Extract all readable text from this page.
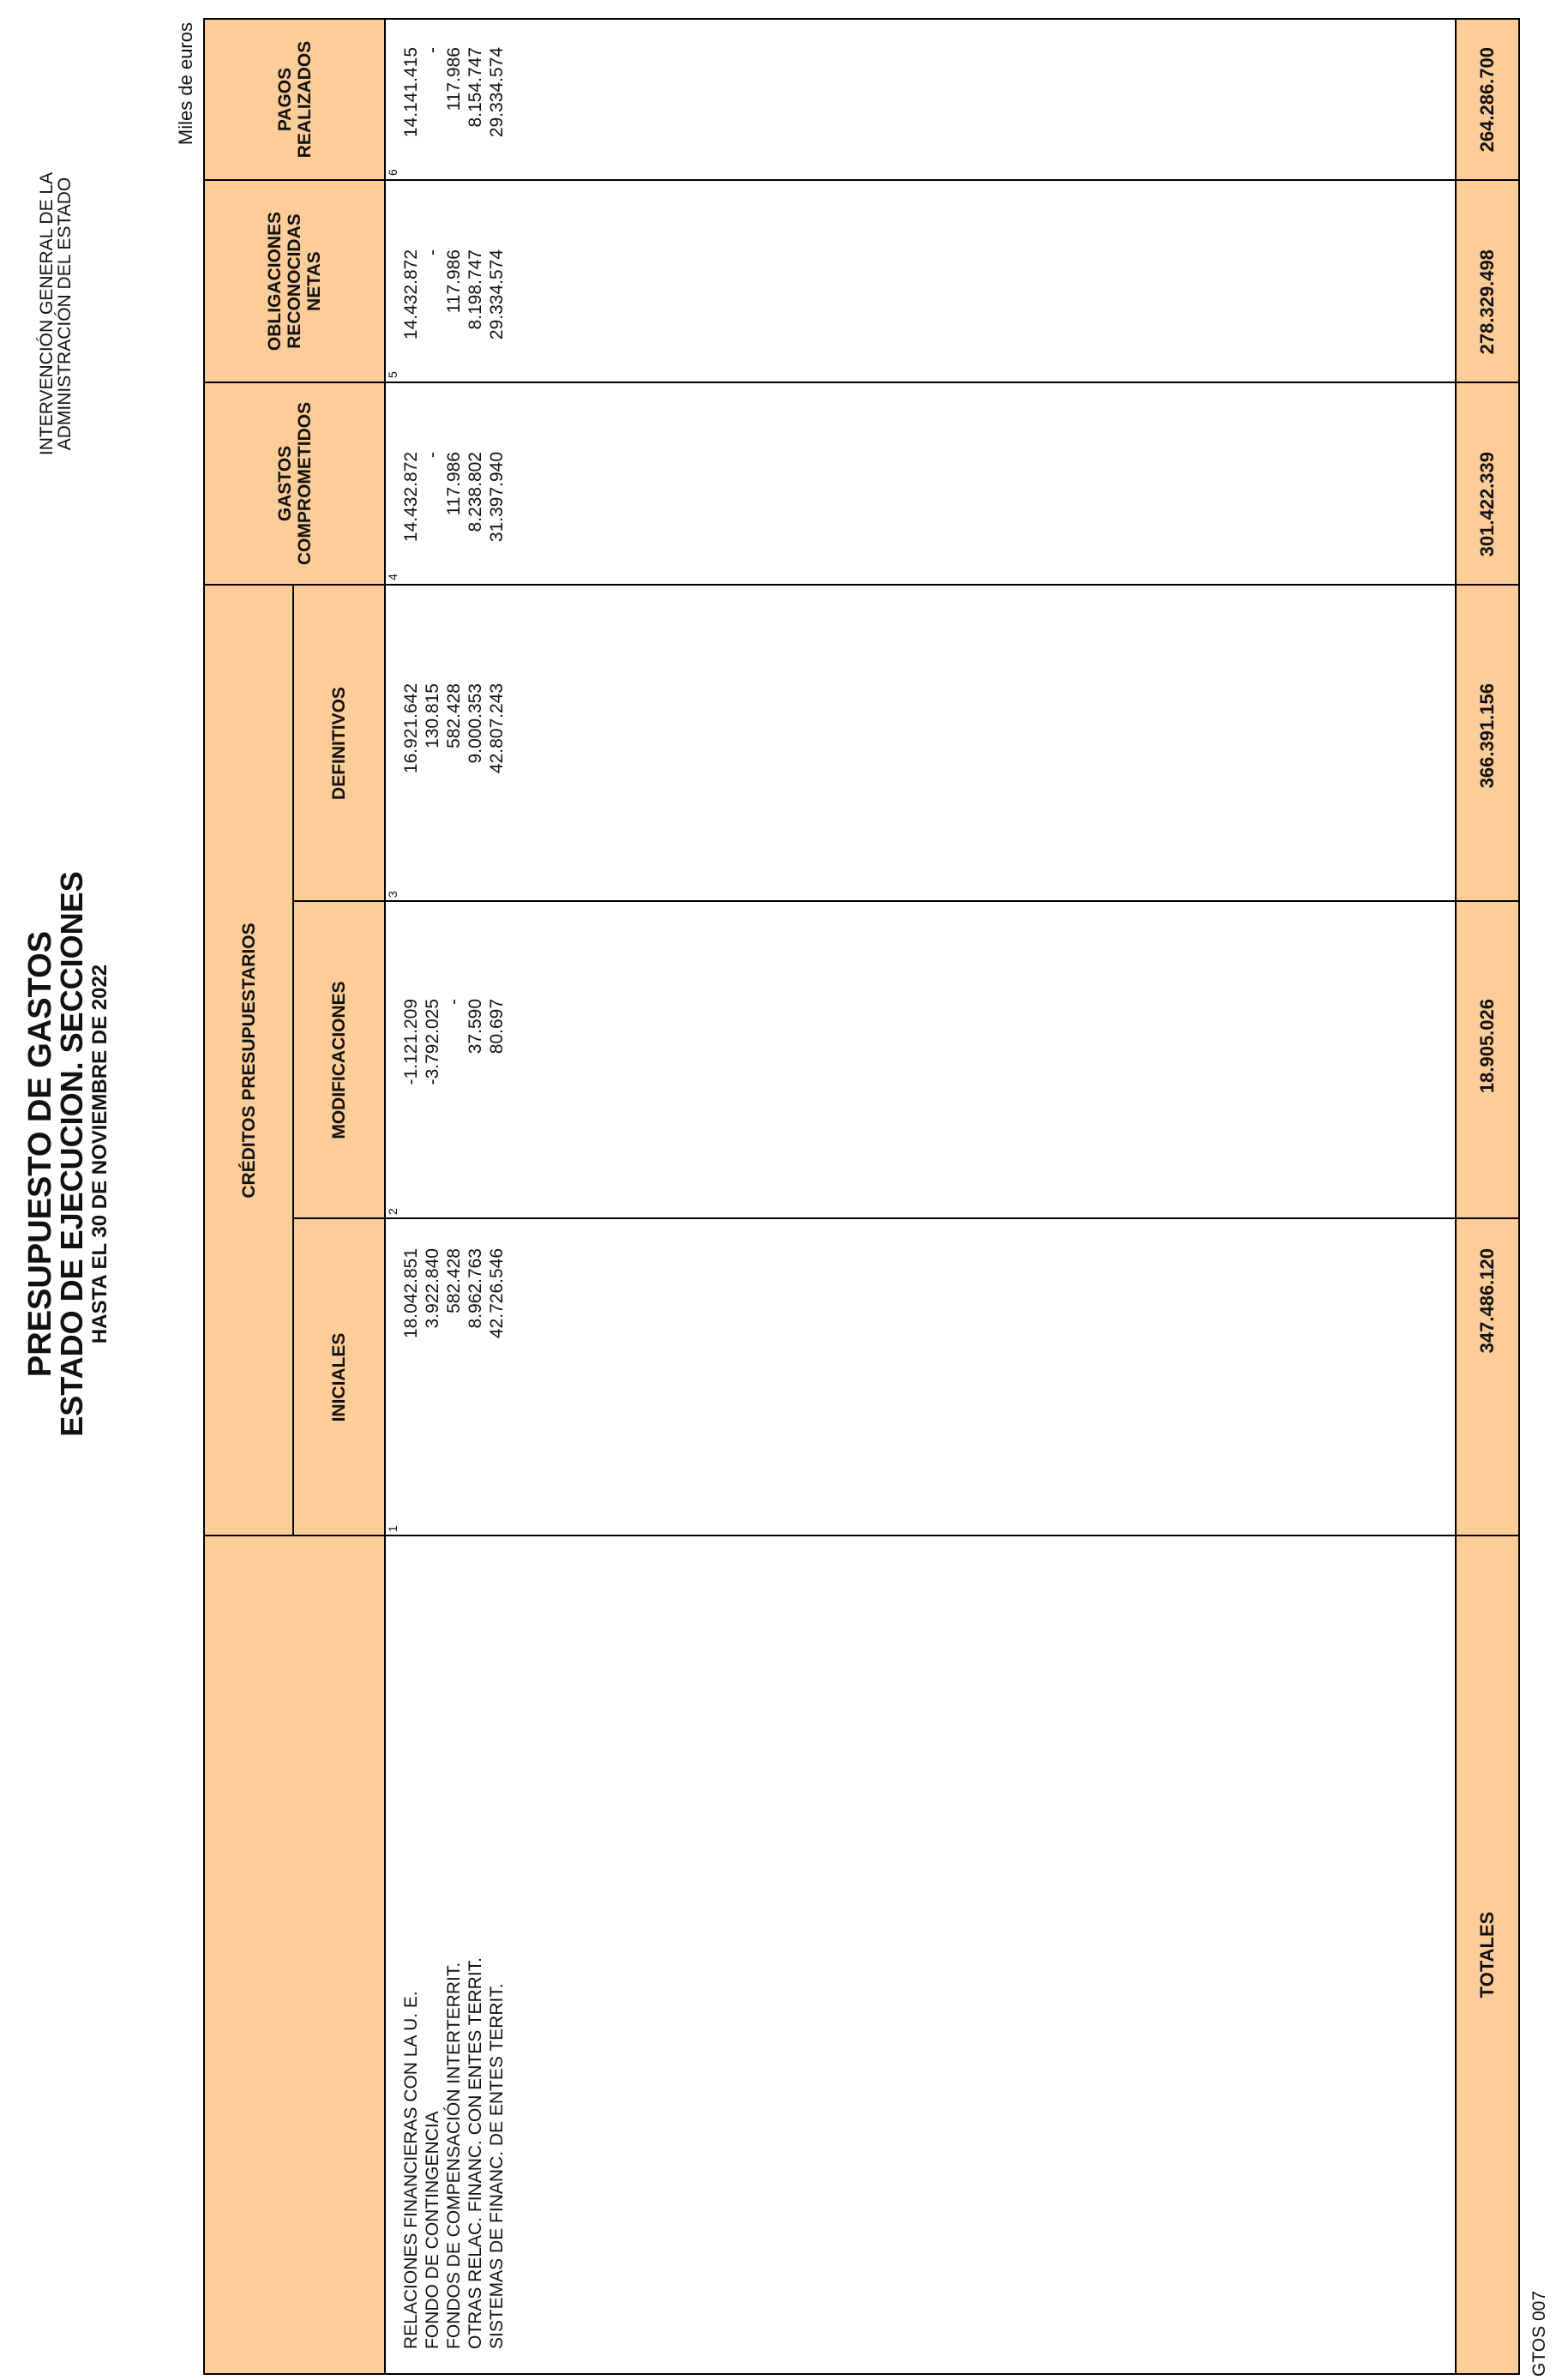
PRESUPUESTO DE GASTOS
ESTADO DE EJECUCION. SECCIONES HASTA EL 30 DE NOVIEMBRE DE 2022
INTERVENCIÓN GENERAL DE LA
ADMINISTRACIÓN DEL ESTADO
Miles de euros
GTOS 007
CRÉDITOS PRESUPUESTARIOS
INICIALES
MODIFICACIONES
DEFINITIVOS
GASTOS COMPROMETIDOS
OBLIGACIONES RECONOCIDAS NETAS
PAGOS REALIZADOS
1
2
3
4
5
6
RELACIONES FINANCIERAS CON LA U. E. FONDO DE CONTINGENCIA FONDOS DE COMPENSACIÓN INTERTERRIT. OTRAS RELAC. FINANC. CON ENTES TERRIT. SISTEMAS DE FINANC. DE ENTES TERRIT.
18.042.851 3.922.840 582.428 8.962.763 42.726.546
-1.121.209 -3.792.025 - 37.590 80.697
16.921.642 130.815 582.428 9.000.353 42.807.243
14.432.872 - 117.986 8.238.802 31.397.940
14.432.872 - 117.986 8.198.747 29.334.574
14.141.415 - 117.986 8.154.747 29.334.574
TOTALES
347.486.120
18.905.026
366.391.156
301.422.339
278.329.498
264.286.700
